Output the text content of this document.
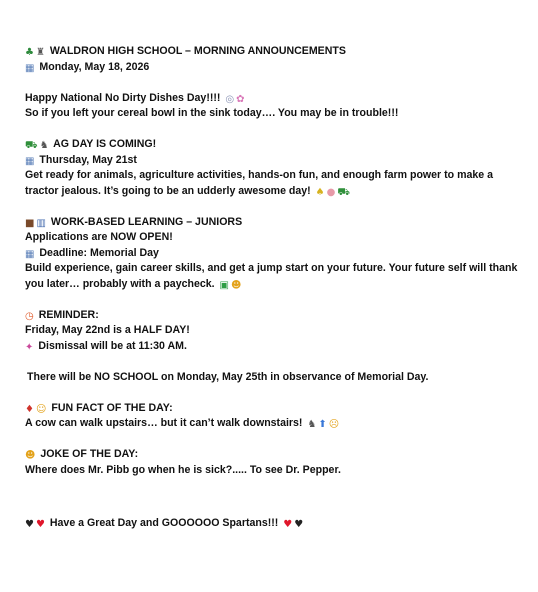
♣ ♜ WALDRON HIGH SCHOOL – MORNING ANNOUNCEMENTS
▦ Monday, May 18, 2026
Happy National No Dirty Dishes Day!!!! ◎ ✿
So if you left your cereal bowl in the sink today…. You may be in trouble!!!
⛟ ♞ AG DAY IS COMING!
▦ Thursday, May 21st
Get ready for animals, agriculture activities, hands-on fun, and enough farm power to make a tractor jealous. It’s going to be an udderly awesome day! ♠ ● ⛟
■ ▥ WORK-BASED LEARNING – JUNIORS
Applications are NOW OPEN!
▦ Deadline: Memorial Day
Build experience, gain career skills, and get a jump start on your future. Your future self will thank you later… probably with a paycheck. ▣ ☻
◷ REMINDER:
Friday, May 22nd is a HALF DAY!
✦ Dismissal will be at 11:30 AM.
There will be NO SCHOOL on Monday, May 25th in observance of Memorial Day.
♦ ☺ FUN FACT OF THE DAY:
A cow can walk upstairs… but it can’t walk downstairs! ♞ ⬆ ☹
☻ JOKE OF THE DAY:
Where does Mr. Pibb go when he is sick?..... To see Dr. Pepper.
♥ ♥ Have a Great Day and GOOOOOO Spartans!!! ♥ ♥
